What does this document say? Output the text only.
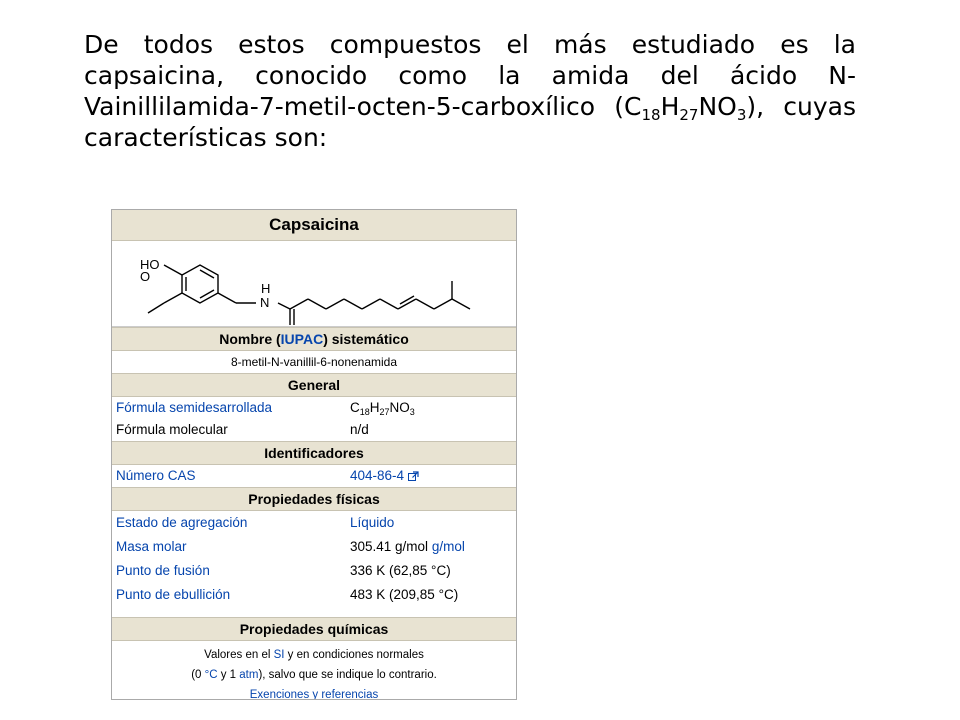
De todos estos compuestos el más estudiado es la capsaicina, conocido como la amida del ácido N-Vainillilamida-7-metil-octen-5-carboxílico $(C_{18}H_{27}NO_3)$, cuyas características son:

Capsaicina
HO
O
N
H
Nombre (IUPAC) sistemático
8-metil-N-vanillil-6-nonenamida
General
Fórmula semidesarrollada	$C_{18}H_{27}NO_3$
Fórmula molecular	n/d
Identificadores
Número CAS	404-86-4
Propiedades físicas
Estado de agregación	Líquido
Masa molar	305.41 g/mol g/mol
Punto de fusión	336 K (62,85 °C)
Punto de ebullición	483 K (209,85 °C)
Propiedades químicas
Valores en el SI y en condiciones normales
(0 °C y 1 atm), salvo que se indique lo contrario.
Exenciones y referencias
